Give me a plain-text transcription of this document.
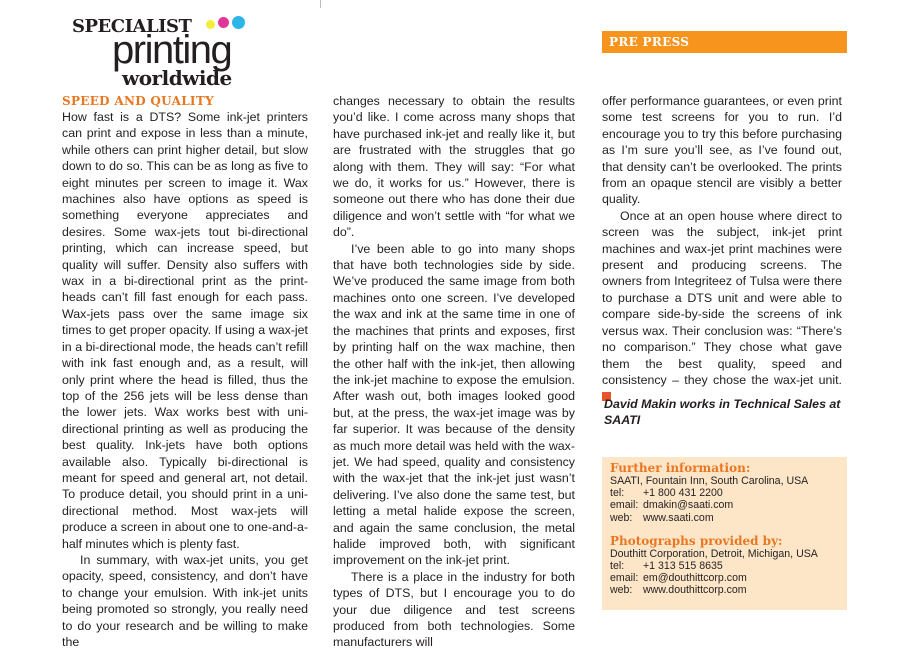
SPECIALIST
printing
worldwide
PRE PRESS
SPEED AND QUALITY

How fast is a DTS? Some ink-jet printers can print and expose in less than a minute, while others can print higher detail, but slow down to do so. This can be as long as five to eight minutes per screen to image it. Wax machines also have options as speed is something everyone appreciates and desires. Some wax-jets tout bi-directional printing, which can increase speed, but quality will suffer. Density also suffers with wax in a bi-directional print as the print-heads can’t fill fast enough for each pass. Wax-jets pass over the same image six times to get proper opacity. If using a wax-jet in a bi-directional mode, the heads can’t refill with ink fast enough and, as a result, will only print where the head is filled, thus the top of the 256 jets will be less dense than the lower jets. Wax works best with uni-directional printing as well as producing the best quality. Ink-jets have both options available also. Typically bi-directional is meant for speed and general art, not detail. To produce detail, you should print in a uni-directional method. Most wax-jets will produce a screen in about one to one-and-a-half minutes which is plenty fast.

In summary, with wax-jet units, you get opacity, speed, consistency, and don’t have to change your emulsion. With ink-jet units being promoted so strongly, you really need to do your research and be willing to make the

changes necessary to obtain the results you’d like. I come across many shops that have purchased ink-jet and really like it, but are frustrated with the struggles that go along with them. They will say: “For what we do, it works for us.” However, there is someone out there who has done their due diligence and won’t settle with “for what we do”.

I’ve been able to go into many shops that have both technologies side by side. We’ve produced the same image from both machines onto one screen. I’ve developed the wax and ink at the same time in one of the machines that prints and exposes, first by printing half on the wax machine, then the other half with the ink-jet, then allowing the ink-jet machine to expose the emulsion. After wash out, both images looked good but, at the press, the wax-jet image was by far superior. It was because of the density as much more detail was held with the wax-jet. We had speed, quality and consistency with the wax-jet that the ink-jet just wasn’t delivering. I’ve also done the same test, but letting a metal halide expose the screen, and again the same conclusion, the metal halide improved both, with significant improvement on the ink-jet print.

There is a place in the industry for both types of DTS, but I encourage you to do your due diligence and test screens produced from both technologies. Some manufacturers will

offer performance guarantees, or even print some test screens for you to run. I’d encourage you to try this before purchasing as I’m sure you’ll see, as I’ve found out, that density can’t be overlooked. The prints from an opaque stencil are visibly a better quality.

Once at an open house where direct to screen was the subject, ink-jet print machines and wax-jet print machines were present and producing screens. The owners from Integriteez of Tulsa were there to purchase a DTS unit and were able to compare side-by-side the screens of ink versus wax. Their conclusion was: “There’s no comparison.” They chose what gave them the best quality, speed and consistency – they chose the wax-jet unit.

David Makin works in Technical Sales at SAATI
Further information:
SAATI, Fountain Inn, South Carolina, USA
tel:	+1 800 431 2200
email: dmakin@saati.com
web:	www.saati.com
Photographs provided by:
Douthitt Corporation, Detroit, Michigan, USA
tel:	+1 313 515 8635
email: em@douthittcorp.com
web:	www.douthittcorp.com
